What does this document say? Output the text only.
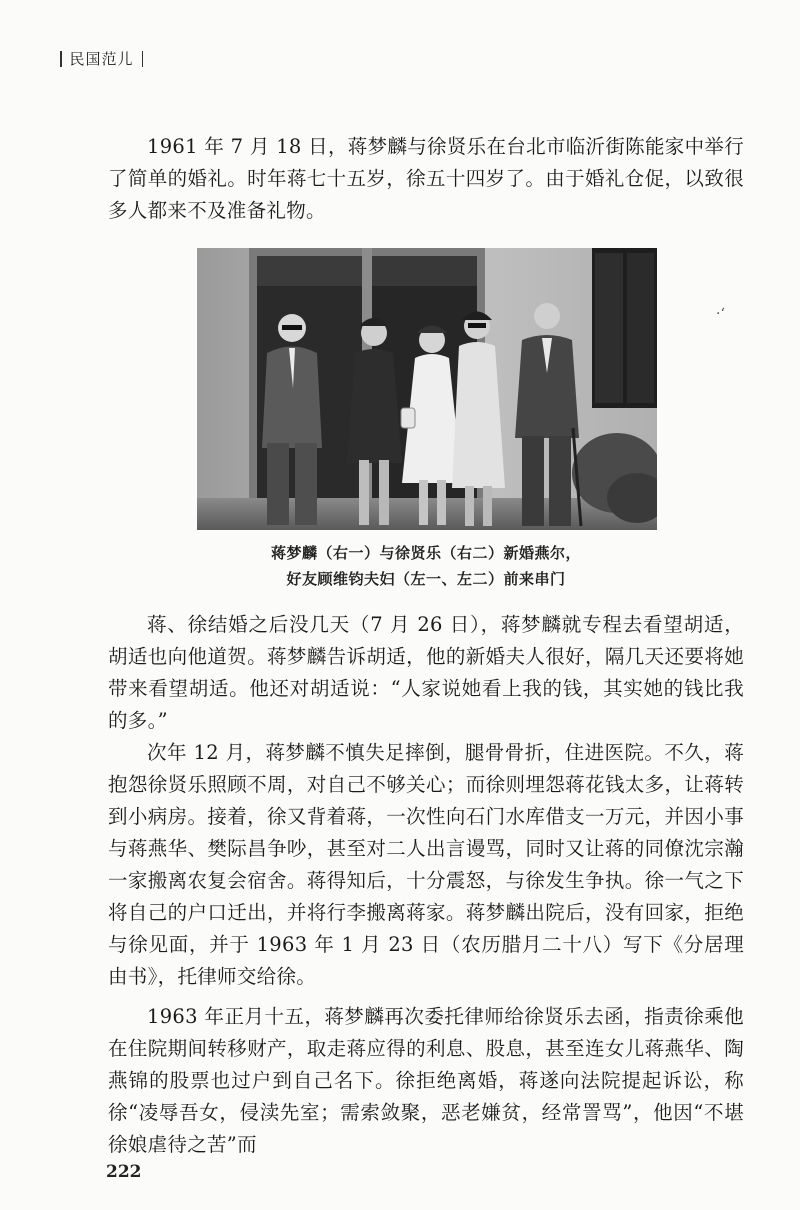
民国范儿

1961 年 7 月 18 日，蒋梦麟与徐贤乐在台北市临沂街陈能家中举行了简单的婚礼。时年蒋七十五岁，徐五十四岁了。由于婚礼仓促，以致很多人都来不及准备礼物。

·‘
蒋梦麟（右一）与徐贤乐（右二）新婚燕尔，
好友顾维钧夫妇（左一、左二）前来串门

蒋、徐结婚之后没几天（7 月 26 日），蒋梦麟就专程去看望胡适，胡适也向他道贺。蒋梦麟告诉胡适，他的新婚夫人很好，隔几天还要将她带来看望胡适。他还对胡适说：“人家说她看上我的钱，其实她的钱比我的多。”

次年 12 月，蒋梦麟不慎失足摔倒，腿骨骨折，住进医院。不久，蒋抱怨徐贤乐照顾不周，对自己不够关心；而徐则埋怨蒋花钱太多，让蒋转到小病房。接着，徐又背着蒋，一次性向石门水库借支一万元，并因小事与蒋燕华、樊际昌争吵，甚至对二人出言谩骂，同时又让蒋的同僚沈宗瀚一家搬离农复会宿舍。蒋得知后，十分震怒，与徐发生争执。徐一气之下将自己的户口迁出，并将行李搬离蒋家。蒋梦麟出院后，没有回家，拒绝与徐见面，并于 1963 年 1 月 23 日（农历腊月二十八）写下《分居理由书》，托律师交给徐。

1963 年正月十五，蒋梦麟再次委托律师给徐贤乐去函，指责徐乘他在住院期间转移财产，取走蒋应得的利息、股息，甚至连女儿蒋燕华、陶燕锦的股票也过户到自己名下。徐拒绝离婚，蒋遂向法院提起诉讼，称徐“凌辱吾女，侵渎先室；需索敛聚，恶老嫌贫，经常詈骂”，他因“不堪徐娘虐待之苦”而

222
